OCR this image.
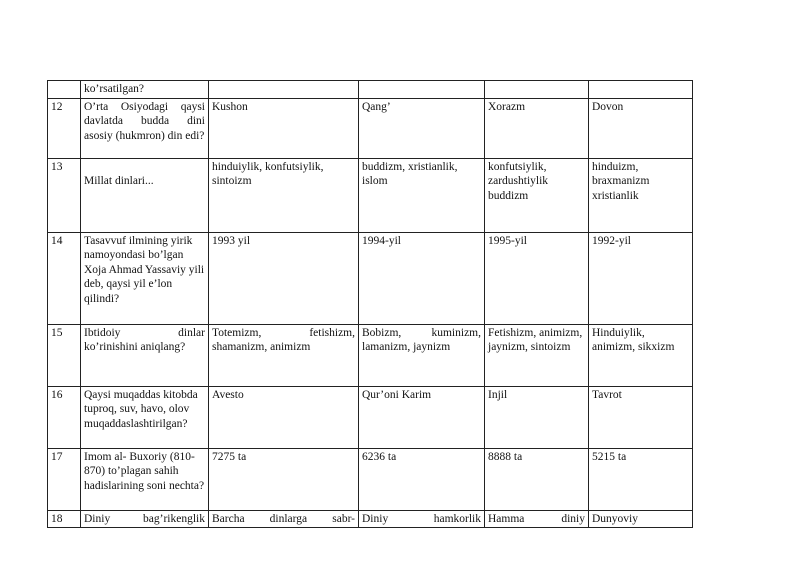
	ko’rsatilgan?				
12	O’rta Osiyodagi qaysi davlatda budda dini asosiy (hukmron) din edi?	Kushon	Qang’	Xorazm	Dovon
13	Millat dinlari...	hinduiylik, konfutsiylik, sintoizm	buddizm, xristianlik, islom	konfutsiylik, zardushtiylik buddizm	hinduizm, braxmanizm xristianlik
14	Tasavvuf ilmining yirik namoyondasi bo’lgan Xoja Ahmad Yassaviy yili deb, qaysi yil e’lon qilindi?	1993 yil	1994-yil	1995-yil	1992-yil
15	Ibtidoiy dinlar ko’rinishini aniqlang?	Totemizm, fetishizm, shamanizm, animizm	Bobizm, kuminizm, lamanizm, jaynizm	Fetishizm, animizm, jaynizm, sintoizm	Hinduiylik, animizm, sikxizm
16	Qaysi muqaddas kitobda tuproq, suv, havo, olov muqaddaslashtirilgan?	Avesto	Qur’oni Karim	Injil	Tavrot
17	Imom al- Buxoriy (810- 870) to’plagan sahih hadislarining soni nechta?	7275 ta	6236 ta	8888 ta	5215 ta
18	Diniy bag’rikenglik	Barcha dinlarga sabr-	Diniy hamkorlik	Hamma diniy	Dunyoviy
